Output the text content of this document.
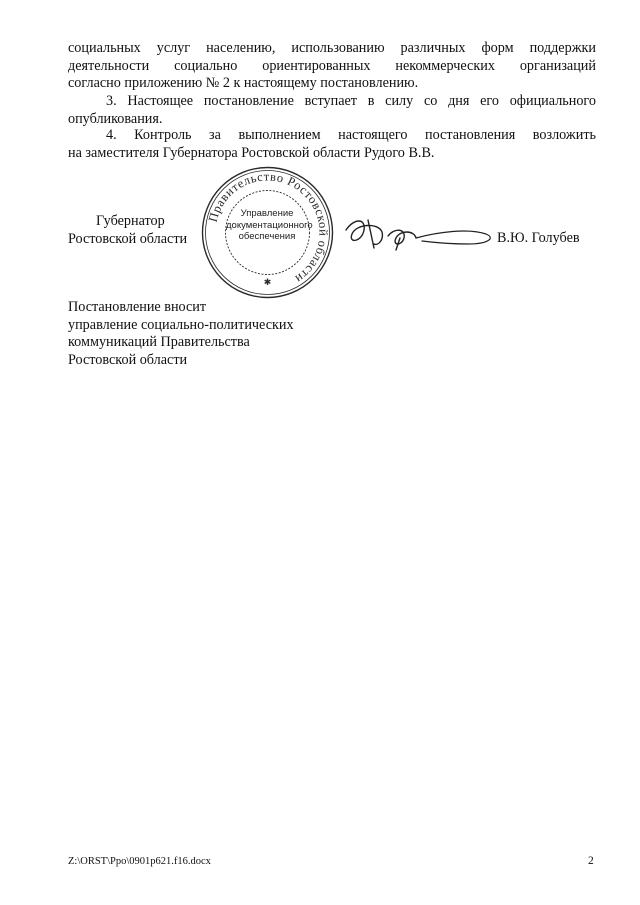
социальных услуг населению, использованию различных форм поддержки
деятельности социально ориентированных некоммерческих организаций
согласно приложению № 2 к настоящему постановлению.
3. Настоящее постановление вступает в силу со дня его официального
опубликования.
4. Контроль за выполнением настоящего постановления возложить
на заместителя Губернатора Ростовской области Рудого В.В.
Губернатор
Ростовской области
Правительство Ростовской области
✱
Управление
документационного
обеспечения	В.Ю. Голубев
Постановление вносит
управление социально-политических
коммуникаций Правительства
Ростовской области
Z:\ORST\Ppo\0901p621.f16.docx	2
